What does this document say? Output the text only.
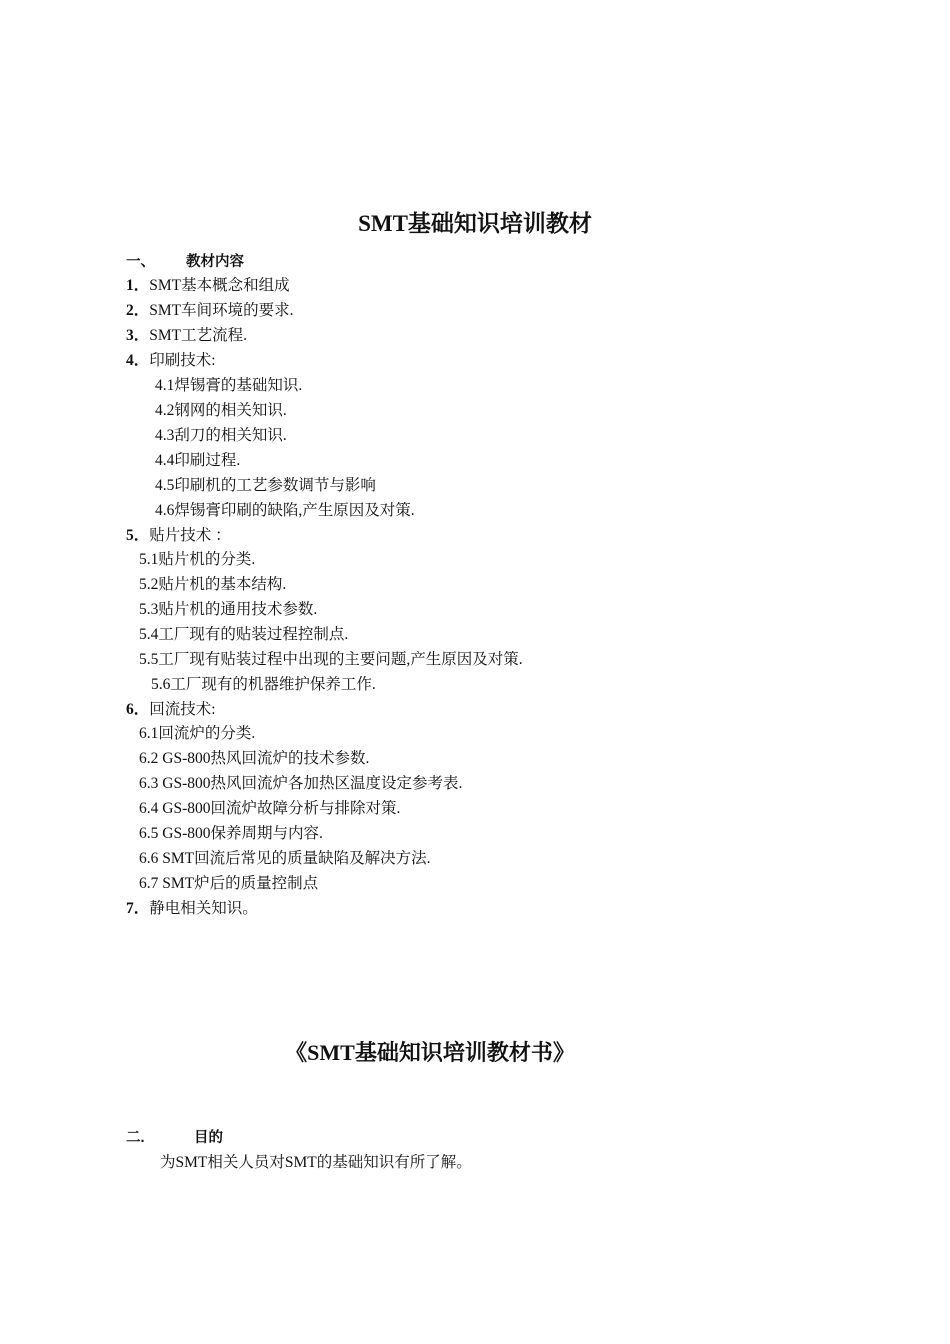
SMT基础知识培训教材
一、 教材内容
1．SMT基本概念和组成
2．SMT车间环境的要求.
3．SMT工艺流程.
4．印刷技术:
4.1焊锡膏的基础知识.
4.2钢网的相关知识.
4.3刮刀的相关知识.
4.4印刷过程.
4.5印刷机的工艺参数调节与影响
4.6焊锡膏印刷的缺陷,产生原因及对策.
5．贴片技术 ：
5.1贴片机的分类.
5.2贴片机的基本结构.
5.3贴片机的通用技术参数.
5.4工厂现有的贴装过程控制点.
5.5工厂现有贴装过程中出现的主要问题,产生原因及对策.
5.6工厂现有的机器维护保养工作.
6．回流技术:
6.1回流炉的分类.
6.2 GS-800热风回流炉的技术参数.
6.3 GS-800热风回流炉各加热区温度设定参考表.
6.4 GS-800回流炉故障分析与排除对策.
6.5 GS-800保养周期与内容.
6.6 SMT回流后常见的质量缺陷及解决方法.
6.7 SMT炉后的质量控制点
7．静电相关知识。
《SMT基础知识培训教材书》
二.	目的
为SMT相关人员对SMT的基础知识有所了解。
